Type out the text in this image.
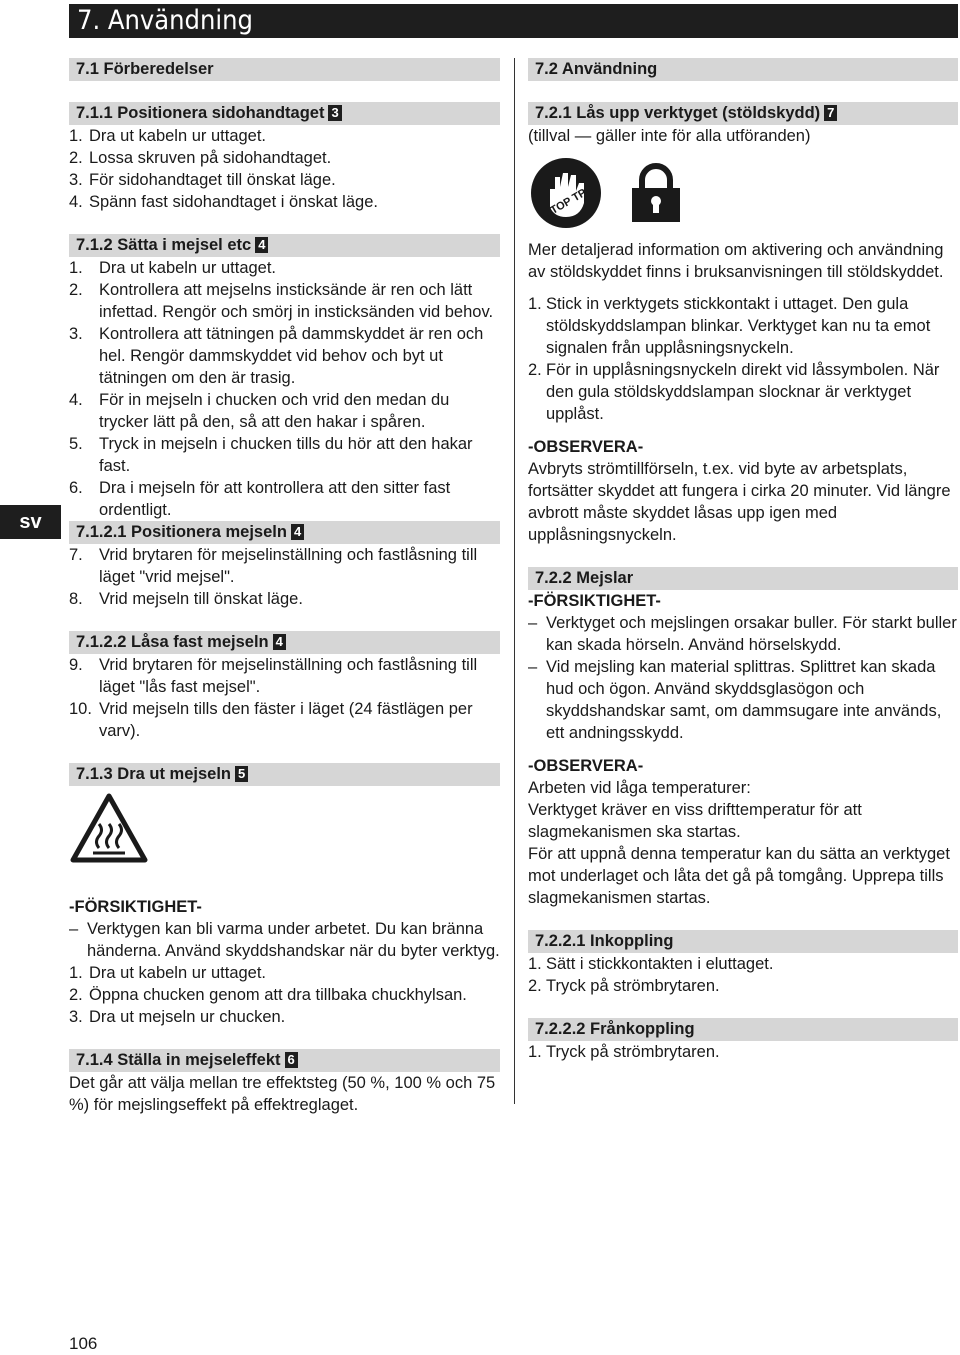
7. Användning
sv
7.1 Förberedelser
7.1.1 Positionera sidohandtaget 3
1. Dra ut kabeln ur uttaget.
2. Lossa skruven på sidohandtaget.
3. För sidohandtaget till önskat läge.
4. Spänn fast sidohandtaget i önskat läge.
7.1.2 Sätta i mejsel etc 4
1. Dra ut kabeln ur uttaget.
2. Kontrollera att mejselns insticksände är ren och lätt infettad. Rengör och smörj in insticksänden vid behov.
3. Kontrollera att tätningen på dammskyddet är ren och hel. Rengör dammskyddet vid behov och byt ut tätningen om den är trasig.
4. För in mejseln i chucken och vrid den medan du trycker lätt på den, så att den hakar i spåren.
5. Tryck in mejseln i chucken tills du hör att den hakar fast.
6. Dra i mejseln för att kontrollera att den sitter fast ordentligt.
7.1.2.1 Positionera mejseln 4
7. Vrid brytaren för mejselinställning och fastlåsning till läget "vrid mejsel".
8. Vrid mejseln till önskat läge.
7.1.2.2 Låsa fast mejseln 4
9. Vrid brytaren för mejselinställning och fastlåsning till läget "lås fast mejsel".
10. Vrid mejseln tills den fäster i läget (24 fästlägen per varv).
7.1.3 Dra ut mejseln 5
-FÖRSIKTIGHET-
– Verktygen kan bli varma under arbetet. Du kan bränna händerna. Använd skyddshandskar när du byter verktyg.
1. Dra ut kabeln ur uttaget.
2. Öppna chucken genom att dra tillbaka chuckhylsan.
3. Dra ut mejseln ur chucken.
7.1.4 Ställa in mejseleffekt 6
Det går att välja mellan tre effektsteg (50 %, 100 % och 75 %) för mejslingseffekt på effektreglaget.
7.2 Användning
7.2.1 Lås upp verktyget (stöldskydd) 7
(tillval — gäller inte för alla utföranden)
STOP TPS
Mer detaljerad information om aktivering och användning av stöldskyddet finns i bruksanvisningen till stöldskyddet.
1. Stick in verktygets stickkontakt i uttaget. Den gula stöldskyddslampan blinkar. Verktyget kan nu ta emot signalen från upplåsningsnyckeln.
2. För in upplåsningsnyckeln direkt vid låssymbolen. När den gula stöldskyddslampan slocknar är verktyget upplåst.
-OBSERVERA-
Avbryts strömtillförseln, t.ex. vid byte av arbetsplats, fortsätter skyddet att fungera i cirka 20 minuter. Vid längre avbrott måste skyddet låsas upp igen med upplåsningsnyckeln.
7.2.2 Mejslar
-FÖRSIKTIGHET-
– Verktyget och mejslingen orsakar buller. För starkt buller kan skada hörseln. Använd hörselskydd.
– Vid mejsling kan material splittras. Splittret kan skada hud och ögon. Använd skyddsglasögon och skyddshandskar samt, om dammsugare inte används, ett andningsskydd.
-OBSERVERA-
Arbeten vid låga temperaturer:
Verktyget kräver en viss drifttemperatur för att slagmekanismen ska startas.
För att uppnå denna temperatur kan du sätta an verktyget mot underlaget och låta det gå på tomgång. Upprepa tills slagmekanismen startas.
7.2.2.1 Inkoppling
1. Sätt i stickkontakten i eluttaget.
2. Tryck på strömbrytaren.
7.2.2.2 Frånkoppling
1. Tryck på strömbrytaren.
106
